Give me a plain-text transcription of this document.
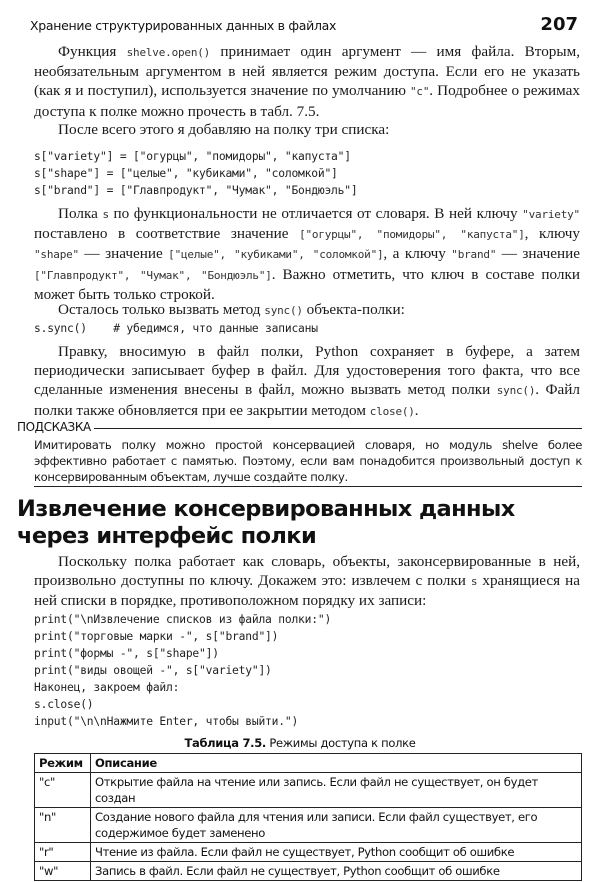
Хранение структурированных данных в файлах	207
Функция shelve.open() принимает один аргумент — имя файла. Вторым, необязательным аргументом в ней является режим доступа. Если его не указать (как я и поступил), используется значение по умолчанию "c". Подробнее о режимах доступа к полке можно прочесть в табл. 7.5.
После всего этого я добавляю на полку три списка:
s["variety"] = ["огурцы", "помидоры", "капуста"]
s["shape"] = ["целые", "кубиками", "соломкой"]
s["brand"] = ["Главпродукт", "Чумак", "Бондюэль"]
Полка s по функциональности не отличается от словаря. В ней ключу "variety" поставлено в соответствие значение ["огурцы", "помидоры", "капуста"], ключу "shape" — значение ["целые", "кубиками", "соломкой"], а ключу "brand" — значение ["Главпродукт", "Чумак", "Бондюэль"]. Важно отметить, что ключ в составе полки может быть только строкой.
Осталось только вызвать метод sync() объекта-полки:
s.sync()    # убедимся, что данные записаны
Правку, вносимую в файл полки, Python сохраняет в буфере, а затем периодически записывает буфер в файл. Для удостоверения того факта, что все сделанные изменения внесены в файл, можно вызвать метод полки sync(). Файл полки также обновляется при ее закрытии методом close().
ПОДСКАЗКА
Имитировать полку можно простой консервацией словаря, но модуль shelve более эффективно работает с памятью. Поэтому, если вам понадобится произвольный доступ к консервированным объектам, лучше создайте полку.
Извлечение консервированных данных
через интерфейс полки
Поскольку полка работает как словарь, объекты, законсервированные в ней, произвольно доступны по ключу. Докажем это: извлечем с полки s хранящиеся на ней списки в порядке, противоположном порядку их записи:
print("\nИзвлечение списков из файла полки:")
print("торговые марки -", s["brand"])
print("формы -", s["shape"])
print("виды овощей -", s["variety"])
Наконец, закроем файл:
s.close()
input("\n\nНажмите Enter, чтобы выйти.")
Таблица 7.5. Режимы доступа к полке
Режим	Описание
"c"	Открытие файла на чтение или запись. Если файл не существует, он будет создан
"n"	Создание нового файла для чтения или записи. Если файл существует, его содержимое будет заменено
"r"	Чтение из файла. Если файл не существует, Python сообщит об ошибке
"w"	Запись в файл. Если файл не существует, Python сообщит об ошибке
